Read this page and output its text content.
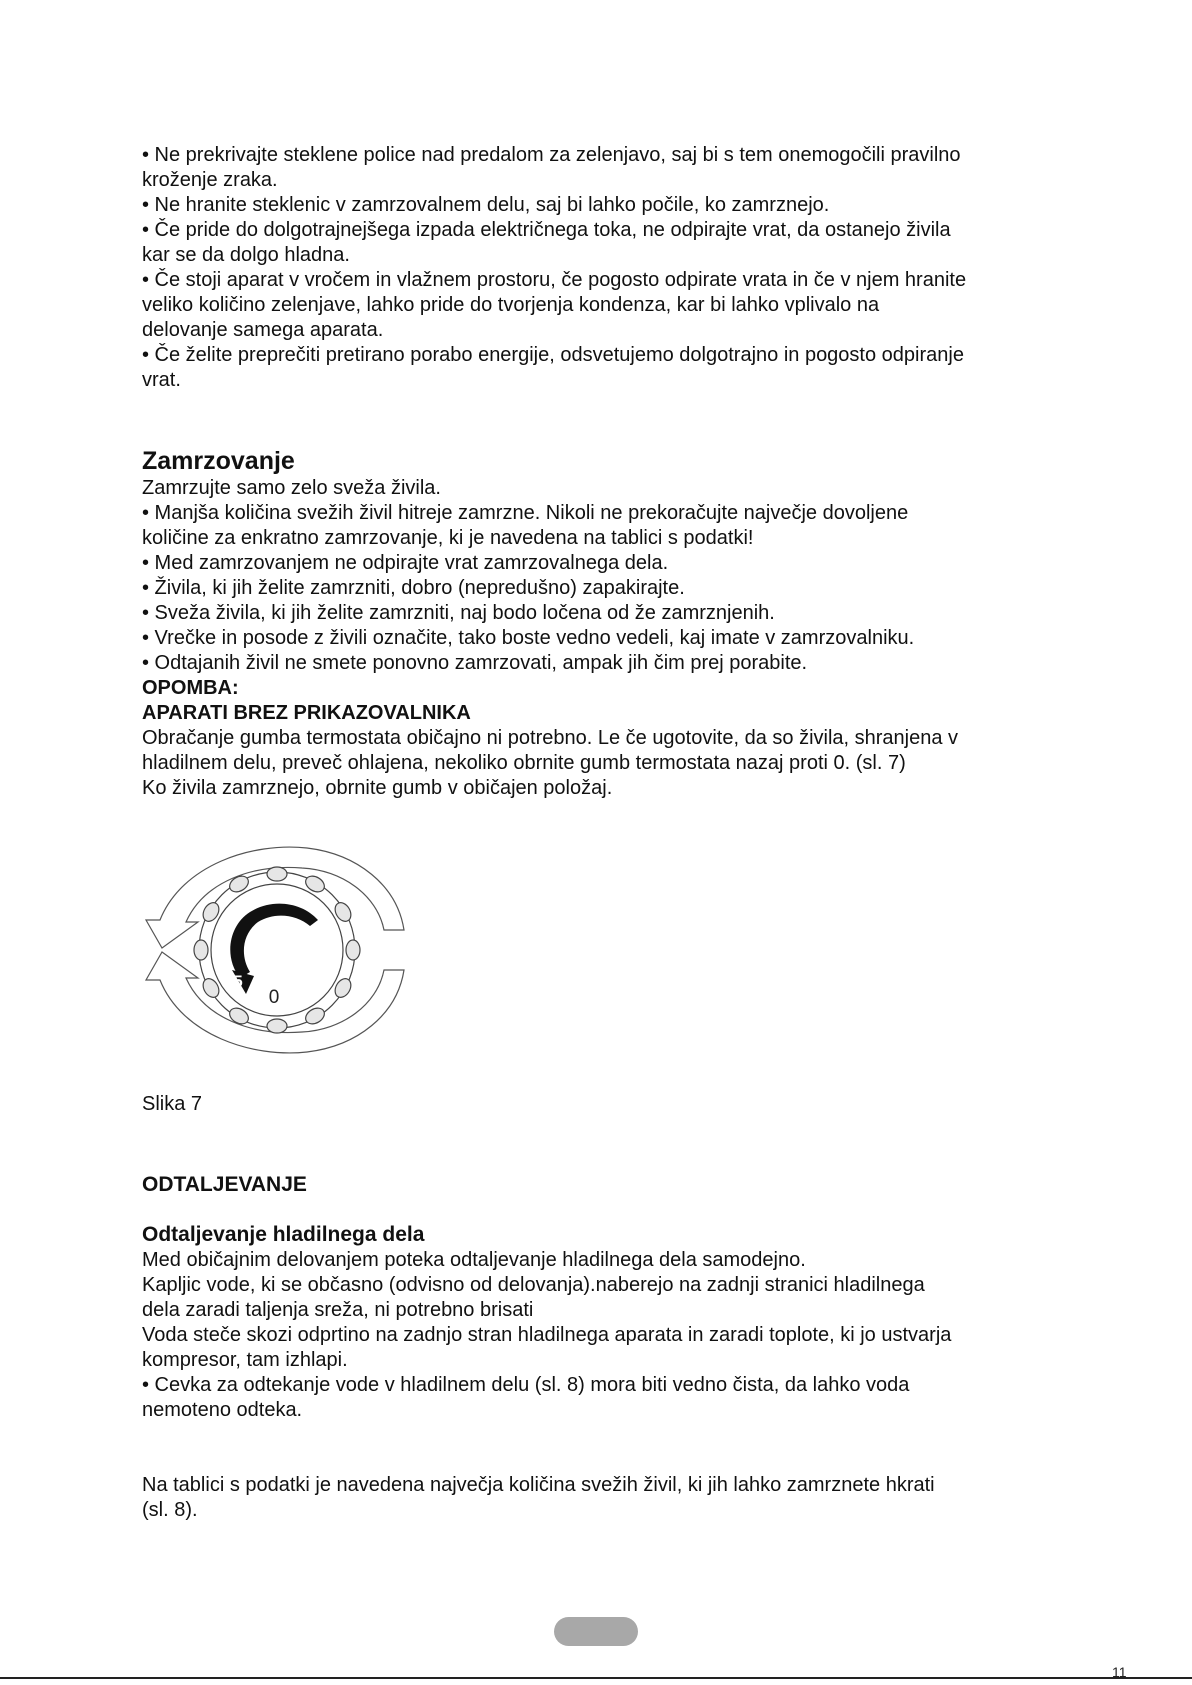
• Ne prekrivajte steklene police nad predalom za zelenjavo, saj bi s tem onemogočili pravilno

kroženje zraka.

• Ne hranite steklenic v zamrzovalnem delu, saj bi lahko počile, ko zamrznejo.

• Če pride do dolgotrajnejšega izpada električnega toka, ne odpirajte vrat, da ostanejo živila

kar se da dolgo hladna.

• Če stoji aparat v vročem in vlažnem prostoru, če pogosto odpirate vrata in če v njem hranite

veliko količino zelenjave, lahko pride do tvorjenja kondenza, kar bi lahko vplivalo na

delovanje samega aparata.

• Če želite preprečiti pretirano porabo energije, odsvetujemo dolgotrajno in pogosto odpiranje

vrat.

Zamrzovanje

Zamrzujte samo zelo sveža živila.

• Manjša količina svežih živil hitreje zamrzne. Nikoli ne prekoračujte največje dovoljene

količine za enkratno zamrzovanje, ki je navedena na tablici s podatki!

• Med zamrzovanjem ne odpirajte vrat zamrzovalnega dela.

• Živila, ki jih želite zamrzniti, dobro (nepredušno) zapakirajte.

• Sveža živila, ki jih želite zamrzniti, naj bodo ločena od že zamrznjenih.

• Vrečke in posode z živili označite, tako boste vedno vedeli, kaj imate v zamrzovalniku.

• Odtajanih živil ne smete ponovno zamrzovati, ampak jih čim prej porabite.

OPOMBA:

APARATI BREZ PRIKAZOVALNIKA

Obračanje gumba termostata običajno ni potrebno. Le če ugotovite, da so živila, shranjena v

hladilnem delu, preveč ohlajena, nekoliko obrnite gumb termostata nazaj proti 0. (sl. 7)

Ko živila zamrznejo, obrnite gumb v običajen položaj.

5
0

Slika 7

ODTALJEVANJE
Odtaljevanje hladilnega dela

Med običajnim delovanjem poteka odtaljevanje hladilnega dela samodejno.

Kapljic vode, ki se občasno (odvisno od delovanja).naberejo na zadnji stranici hladilnega

dela zaradi taljenja sreža, ni potrebno brisati

Voda steče skozi odprtino na zadnjo stran hladilnega aparata in zaradi toplote, ki jo ustvarja

kompresor, tam izhlapi.

• Cevka za odtekanje vode v hladilnem delu (sl. 8) mora biti vedno čista, da lahko voda

nemoteno odteka.

Na tablici s podatki je navedena največja količina svežih živil, ki jih lahko zamrznete hkrati

(sl. 8).

11
